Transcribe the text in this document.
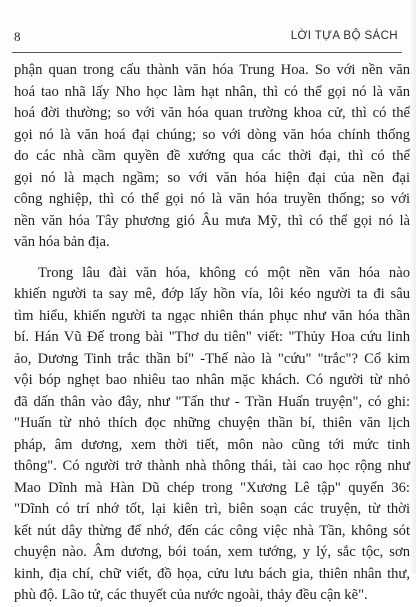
8	LỜI TỰA BỘ SÁCH
phận quan trong cấu thành văn hóa Trung Hoa. So với nền văn
hoá tao nhã lấy Nho học làm hạt nhân, thì có thể gọi nó là văn
hoá đời thường; so với văn hóa quan trường khoa cử, thì có thể
gọi nó là văn hoá đại chúng; so với dòng văn hóa chính thống
do các nhà cầm quyền đề xướng qua các thời đại, thì có thể
gọi nó là mạch ngầm; so với văn hóa hiện đại của nền đại
công nghiệp, thì có thể gọi nó là văn hóa truyền thống; so với
nền văn hóa Tây phương gió Âu mưa Mỹ, thì có thể gọi nó là
văn hóa bản địa.
Trong lâu đài văn hóa, không có một nền văn hóa nào
khiến người ta say mê, đớp lấy hồn vía, lôi kéo người ta đi sâu
tìm hiểu, khiến người ta ngạc nhiên thán phục như văn hóa thần
bí. Hán Vũ Đế trong bài "Thơ du tiên" viết: "Thủy Hoa cứu linh
ảo, Dương Tinh trắc thần bí" -Thế nào là "cứu" "trắc"? Cổ kim
vội bóp nghẹt bao nhiêu tao nhân mặc khách. Có người từ nhỏ
đã dấn thân vào đây, như "Tấn thư - Trần Huấn truyện", có ghi:
"Huấn từ nhỏ thích đọc những chuyện thần bí, thiên văn lịch
pháp, âm dương, xem thời tiết, môn nào cũng tới mức tinh
thông". Có người trở thành nhà thông thái, tài cao học rộng như
Mao Dĩnh mà Hàn Dũ chép trong "Xương Lê tập" quyển 36:
"Dĩnh có trí nhớ tốt, lại kiên trì, biên soạn các truyện, từ thời
kết nút dây thừng để nhớ, đến các công việc nhà Tần, không sót
chuyện nào. Âm dương, bói toán, xem tướng, y lý, sắc tộc, sơn
kinh, địa chí, chữ viết, đồ họa, cửu lưu bách gia, thiên nhân thư,
phù độ. Lão tử, các thuyết của nước ngoài, thảy đều cận kẽ".
